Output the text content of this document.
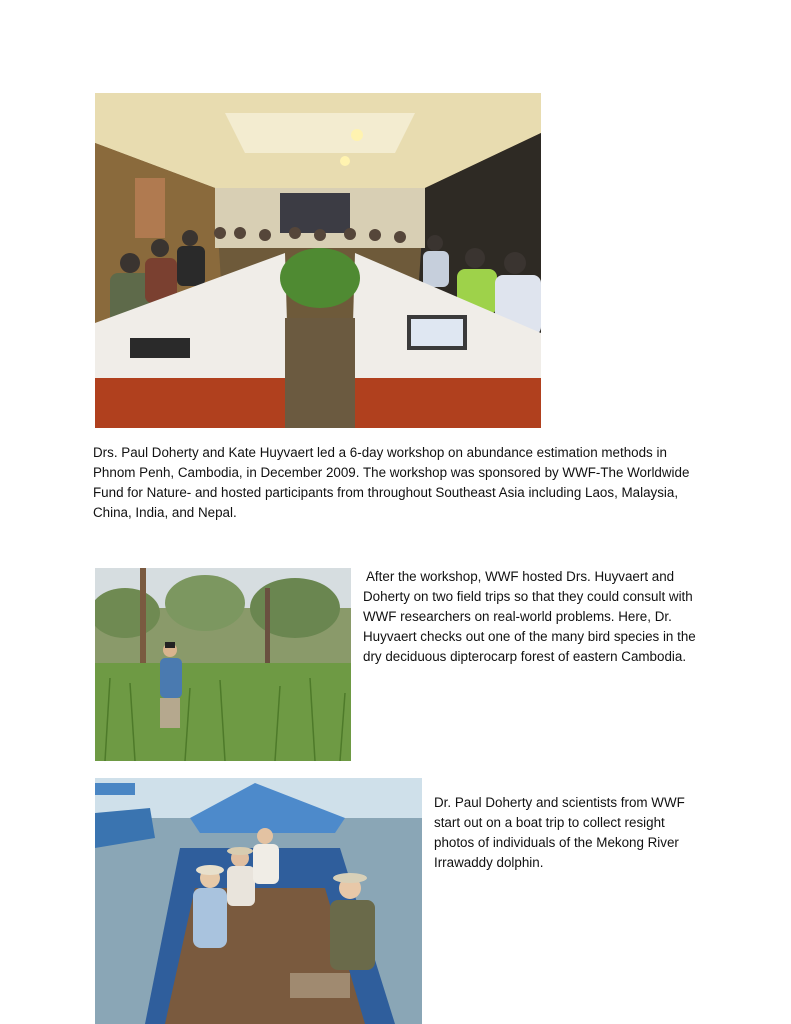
Drs. Paul Doherty and Kate Huyvaert led a 6-day workshop on abundance estimation methods in Phnom Penh, Cambodia, in December 2009. The workshop was sponsored by WWF-The Worldwide Fund for Nature- and hosted participants from throughout Southeast Asia including Laos, Malaysia, China, India, and Nepal.

After the workshop, WWF hosted Drs. Huyvaert and Doherty on two field trips so that they could consult with WWF researchers on real-world problems. Here, Dr. Huyvaert checks out one of the many bird species in the dry deciduous dipterocarp forest of eastern Cambodia.

Dr. Paul Doherty and scientists from WWF start out on a boat trip to collect resight photos of individuals of the Mekong River Irrawaddy dolphin.
